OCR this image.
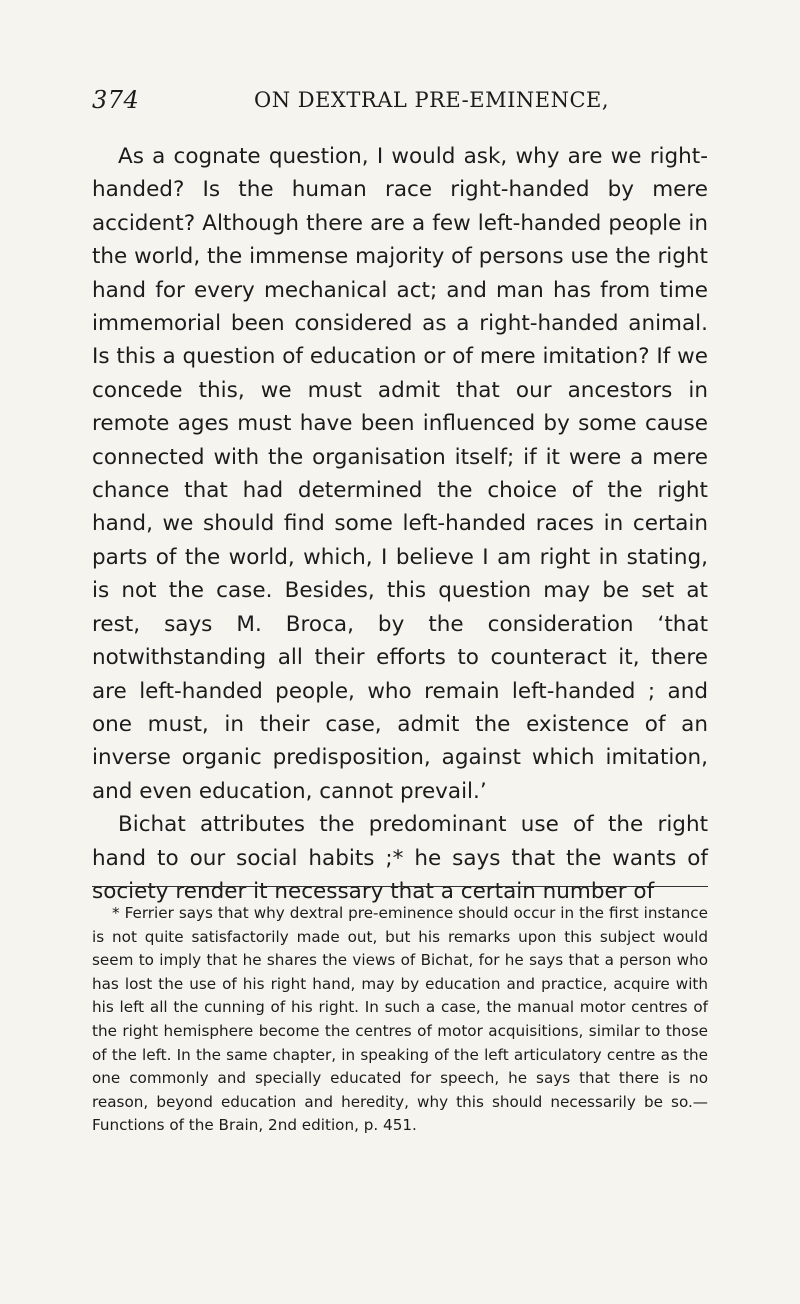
374	ON DEXTRAL PRE-EMINENCE,

As a cognate question, I would ask, why are we right-handed? Is the human race right-handed by mere accident? Although there are a few left-handed people in the world, the immense majority of persons use the right hand for every mechanical act; and man has from time immemorial been considered as a right-handed animal. Is this a question of education or of mere imitation? If we concede this, we must admit that our ancestors in remote ages must have been influenced by some cause connected with the organisation itself; if it were a mere chance that had determined the choice of the right hand, we should find some left-handed races in certain parts of the world, which, I believe I am right in stating, is not the case. Besides, this question may be set at rest, says M. Broca, by the consideration ‘that notwithstanding all their efforts to counteract it, there are left-handed people, who remain left-handed ; and one must, in their case, admit the existence of an inverse organic predisposition, against which imitation, and even education, cannot prevail.’

Bichat attributes the predominant use of the right hand to our social habits ;* he says that the wants of society render it necessary that a certain number of

* Ferrier says that why dextral pre-eminence should occur in the first instance is not quite satisfactorily made out, but his remarks upon this subject would seem to imply that he shares the views of Bichat, for he says that a person who has lost the use of his right hand, may by education and practice, acquire with his left all the cunning of his right. In such a case, the manual motor centres of the right hemisphere become the centres of motor acquisitions, similar to those of the left. In the same chapter, in speaking of the left articulatory centre as the one commonly and specially educated for speech, he says that there is no reason, beyond education and heredity, why this should necessarily be so.—Functions of the Brain, 2nd edition, p. 451.
